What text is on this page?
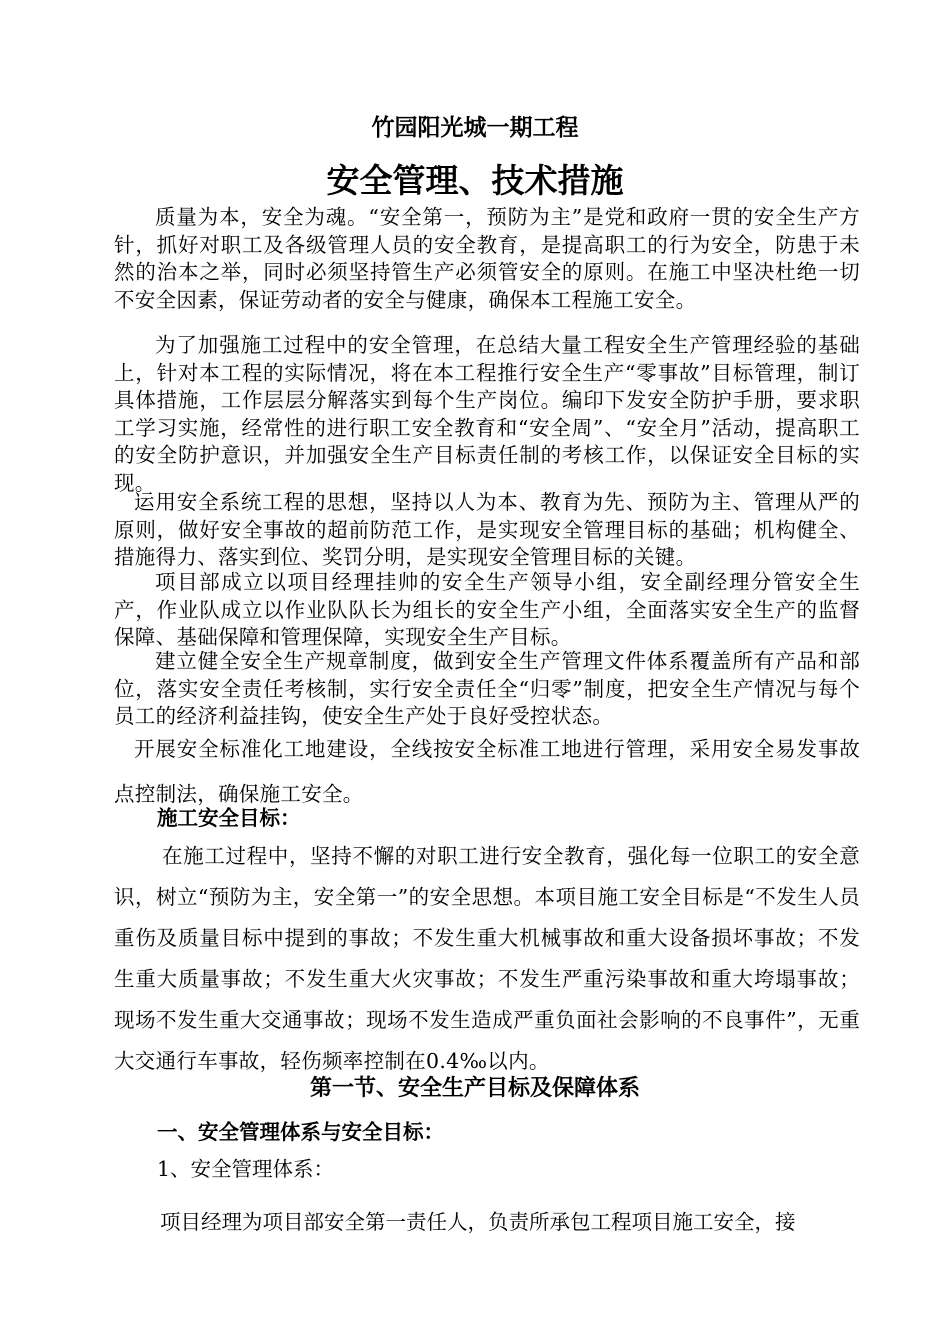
竹园阳光城一期工程
安全管理、技术措施

质量为本，安全为魂。“安全第一，预防为主”是党和政府一贯的安全生产方针，抓好对职工及各级管理人员的安全教育，是提高职工的行为安全，防患于未然的治本之举，同时必须坚持管生产必须管安全的原则。在施工中坚决杜绝一切不安全因素，保证劳动者的安全与健康，确保本工程施工安全。

为了加强施工过程中的安全管理，在总结大量工程安全生产管理经验的基础上，针对本工程的实际情况，将在本工程推行安全生产“零事故”目标管理，制订具体措施，工作层层分解落实到每个生产岗位。编印下发安全防护手册，要求职工学习实施，经常性的进行职工安全教育和“安全周”、“安全月”活动，提高职工的安全防护意识，并加强安全生产目标责任制的考核工作，以保证安全目标的实现。

运用安全系统工程的思想，坚持以人为本、教育为先、预防为主、管理从严的原则，做好安全事故的超前防范工作，是实现安全管理目标的基础；机构健全、措施得力、落实到位、奖罚分明，是实现安全管理目标的关键。

项目部成立以项目经理挂帅的安全生产领导小组，安全副经理分管安全生产，作业队成立以作业队队长为组长的安全生产小组，全面落实安全生产的监督保障、基础保障和管理保障，实现安全生产目标。

建立健全安全生产规章制度，做到安全生产管理文件体系覆盖所有产品和部位，落实安全责任考核制，实行安全责任全“归零”制度，把安全生产情况与每个员工的经济利益挂钩，使安全生产处于良好受控状态。

开展安全标准化工地建设，全线按安全标准工地进行管理，采用安全易发事故点控制法，确保施工安全。

施工安全目标：

在施工过程中，坚持不懈的对职工进行安全教育，强化每一位职工的安全意识，树立“预防为主，安全第一”的安全思想。本项目施工安全目标是“不发生人员重伤及质量目标中提到的事故；不发生重大机械事故和重大设备损坏事故；不发生重大质量事故；不发生重大火灾事故；不发生严重污染事故和重大垮塌事故；现场不发生重大交通事故；现场不发生造成严重负面社会影响的不良事件”，无重大交通行车事故，轻伤频率控制在0.4‰以内。

第一节、安全生产目标及保障体系
一、安全管理体系与安全目标：
1、安全管理体系：
项目经理为项目部安全第一责任人，负责所承包工程项目施工安全，接
